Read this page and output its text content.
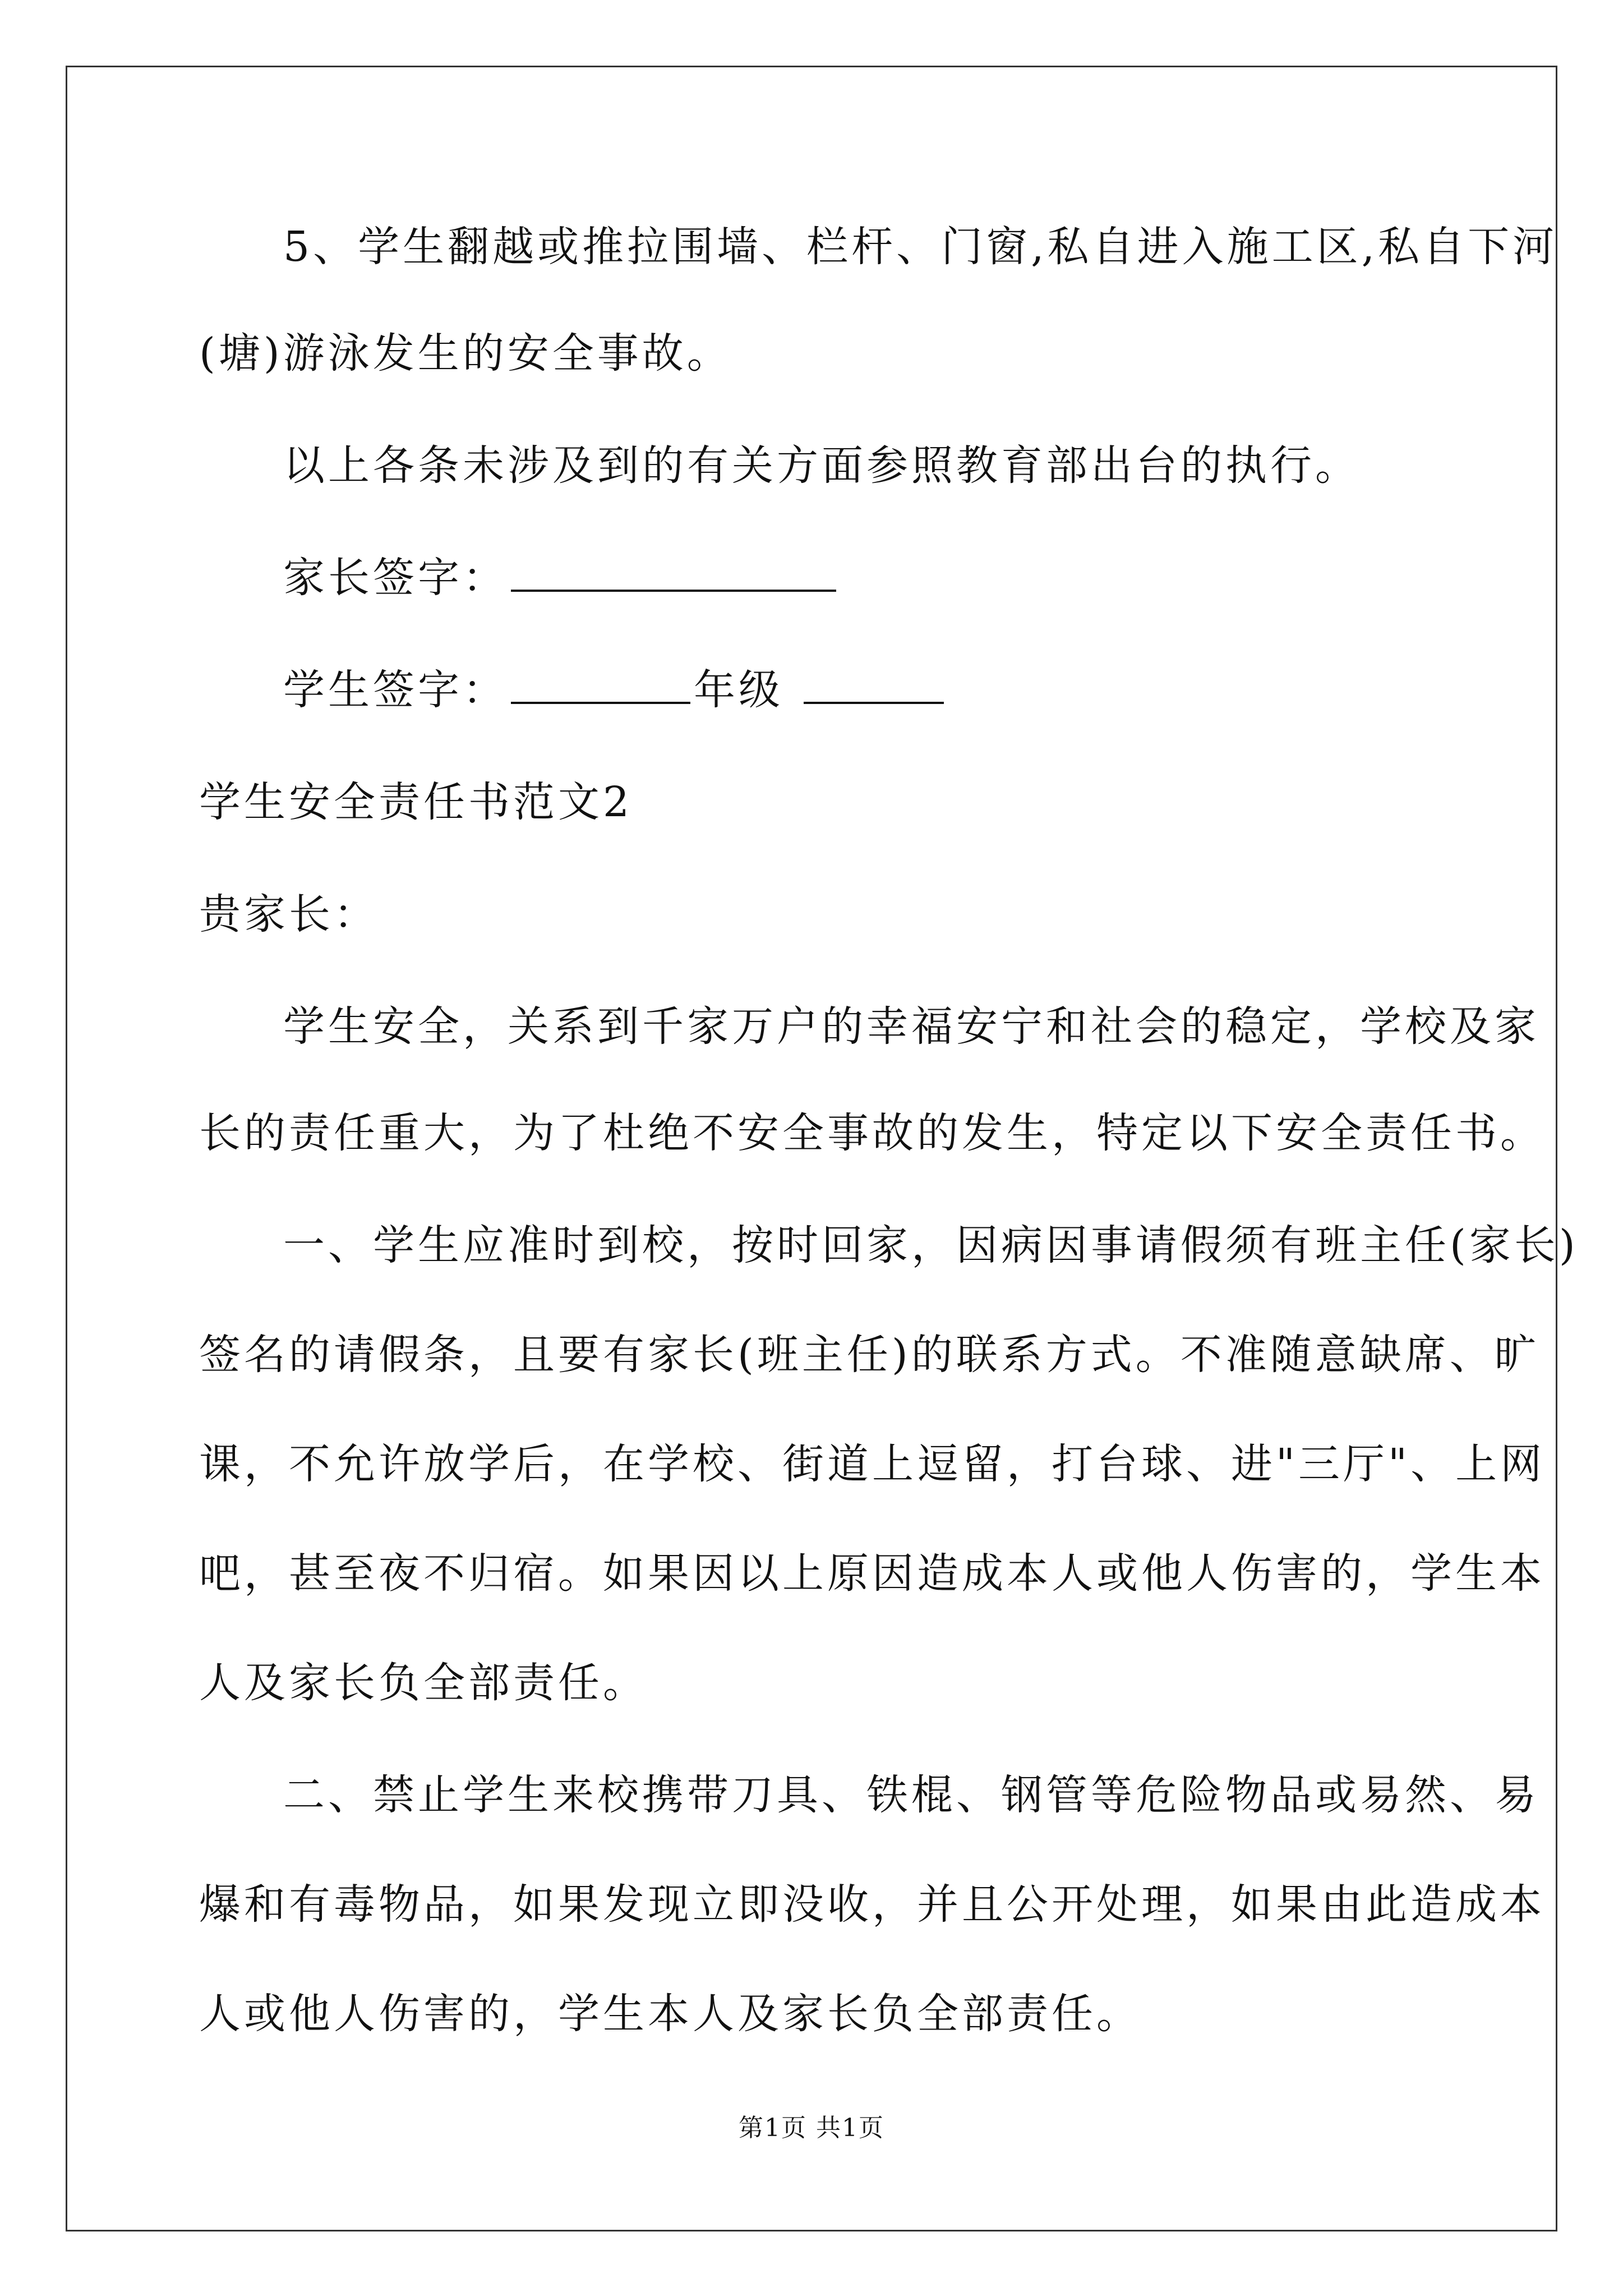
5、学生翻越或推拉围墙、栏杆、门窗,私自进入施工区,私自下河
(塘)游泳发生的安全事故。
以上各条未涉及到的有关方面参照教育部出台的执行。
家长签字：
学生签字：	年级
学生安全责任书范文2
贵家长：
学生安全，关系到千家万户的幸福安宁和社会的稳定，学校及家
长的责任重大，为了杜绝不安全事故的发生，特定以下安全责任书。
一、学生应准时到校，按时回家，因病因事请假须有班主任(家长)
签名的请假条，且要有家长(班主任)的联系方式。不准随意缺席、旷
课，不允许放学后，在学校、街道上逗留，打台球、进"三厅"、上网
吧，甚至夜不归宿。如果因以上原因造成本人或他人伤害的，学生本
人及家长负全部责任。
二、禁止学生来校携带刀具、铁棍、钢管等危险物品或易然、易
爆和有毒物品，如果发现立即没收，并且公开处理，如果由此造成本
人或他人伤害的，学生本人及家长负全部责任。
第1页 共1页
